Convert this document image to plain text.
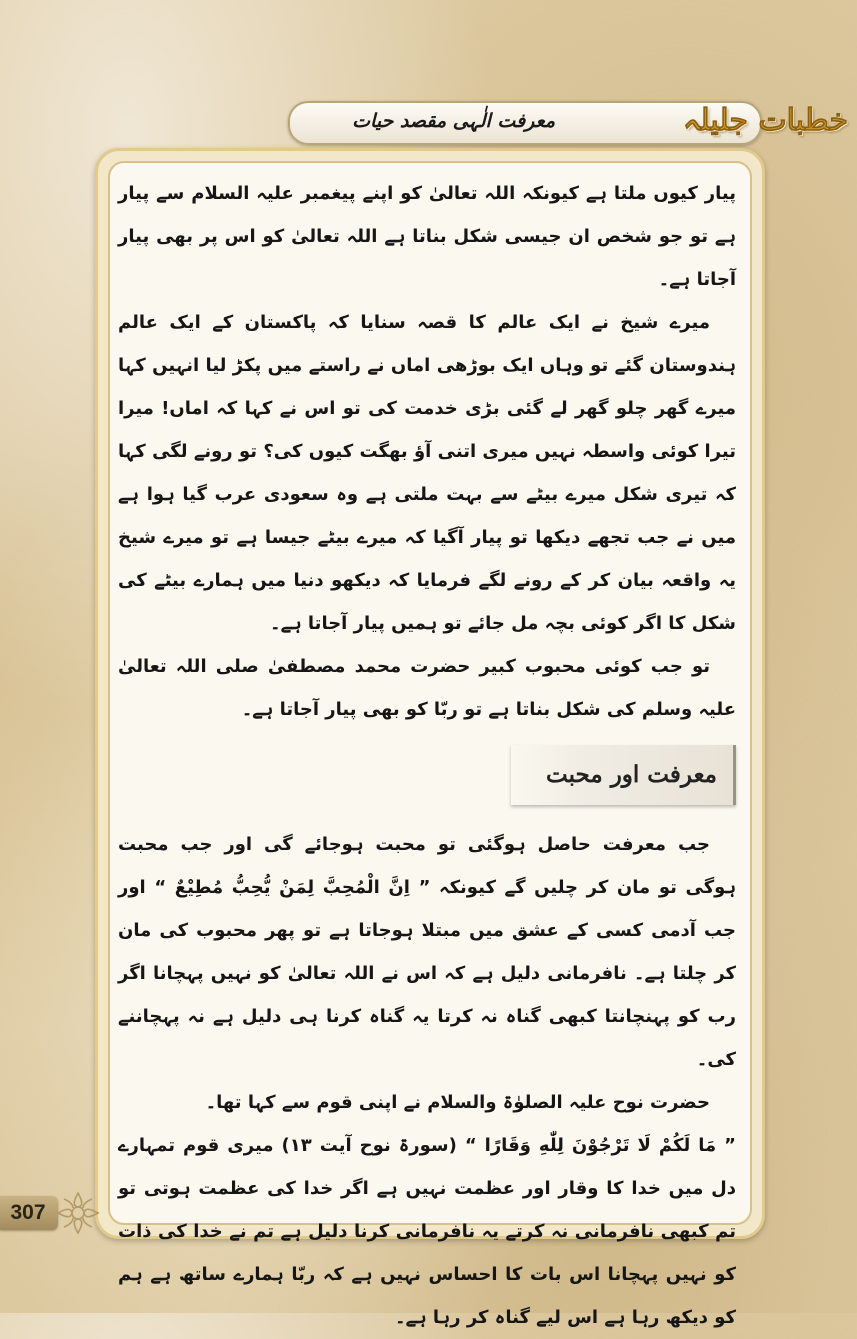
معرفت الٰہی مقصد حیات	خطبات جلیلہ

پیار کیوں ملتا ہے کیونکہ اللہ تعالیٰ کو اپنے پیغمبر علیہ السلام سے پیار ہے تو جو شخص ان جیسی شکل بناتا ہے اللہ تعالیٰ کو اس پر بھی پیار آجاتا ہے۔

میرے شیخ نے ایک عالم کا قصہ سنایا کہ پاکستان کے ایک عالم ہندوستان گئے تو وہاں ایک بوڑھی اماں نے راستے میں پکڑ لیا انہیں کہا میرے گھر چلو گھر لے گئی بڑی خدمت کی تو اس نے کہا کہ اماں! میرا تیرا کوئی واسطہ نہیں میری اتنی آؤ بھگت کیوں کی؟ تو رونے لگی کہا کہ تیری شکل میرے بیٹے سے بہت ملتی ہے وہ سعودی عرب گیا ہوا ہے میں نے جب تجھے دیکھا تو پیار آگیا کہ میرے بیٹے جیسا ہے تو میرے شیخ یہ واقعہ بیان کر کے رونے لگے فرمایا کہ دیکھو دنیا میں ہمارے بیٹے کی شکل کا اگر کوئی بچہ مل جائے تو ہمیں پیار آجاتا ہے۔

تو جب کوئی محبوب کبیر حضرت محمد مصطفیٰ صلی اللہ تعالیٰ علیہ وسلم کی شکل بناتا ہے تو ربّا کو بھی پیار آجاتا ہے۔

معرفت اور محبت

جب معرفت حاصل ہوگئی تو محبت ہوجائے گی اور جب محبت ہوگی تو مان کر چلیں گے کیونکہ ” اِنَّ الْمُحِبَّ لِمَنْ یُّحِبُّ مُطِیْعٌ “ اور جب آدمی کسی کے عشق میں مبتلا ہوجاتا ہے تو پھر محبوب کی مان کر چلتا ہے۔ نافرمانی دلیل ہے کہ اس نے اللہ تعالیٰ کو نہیں پہچانا اگر رب کو پہنچانتا کبھی گناہ نہ کرتا یہ گناہ کرنا ہی دلیل ہے نہ پہچاننے کی۔

حضرت نوح علیہ الصلوٰۃ والسلام نے اپنی قوم سے کہا تھا۔

” مَا لَكُمْ لَا تَرْجُوْنَ لِلّٰهِ وَقَارًا “ (سورۃ نوح آیت ۱۳) میری قوم تمہارے دل میں خدا کا وقار اور عظمت نہیں ہے اگر خدا کی عظمت ہوتی تو تم کبھی نافرمانی نہ کرتے یہ نافرمانی کرنا دلیل ہے تم نے خدا کی ذات کو نہیں پہچانا اس بات کا احساس نہیں ہے کہ ربّا ہمارے ساتھ ہے ہم کو دیکھ رہا ہے اس لیے گناہ کر رہا ہے۔

307
